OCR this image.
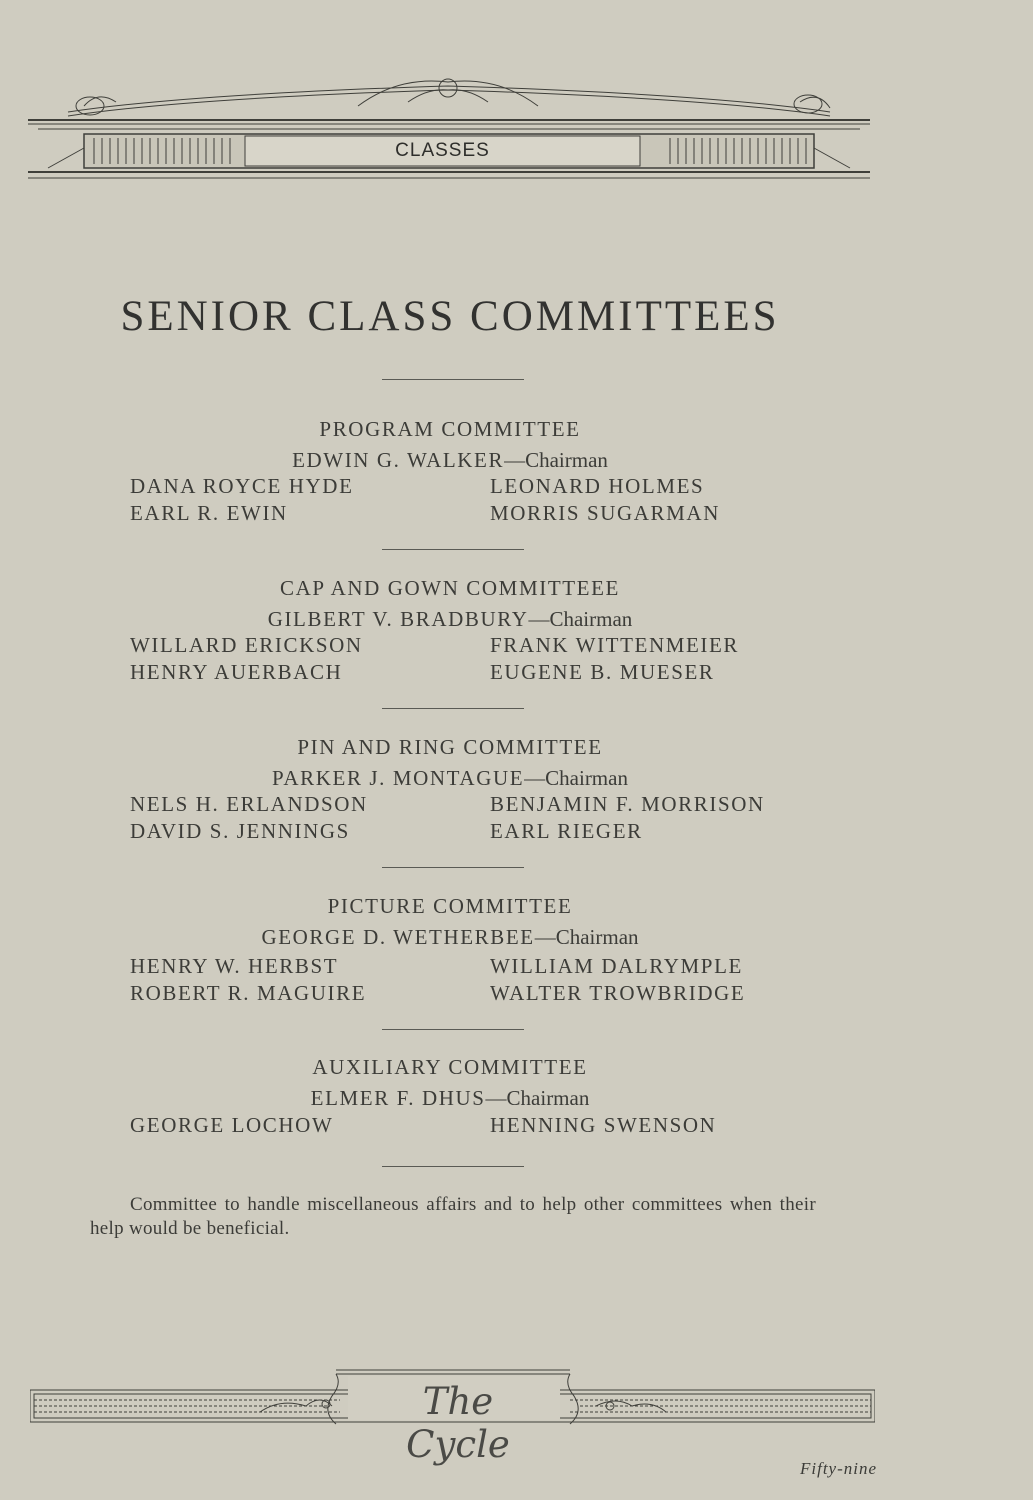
CLASSES
SENIOR CLASS COMMITTEES
PROGRAM COMMITTEE
EDWIN G. WALKER—Chairman
DANA ROYCE HYDE	LEONARD HOLMES
EARL R. EWIN	MORRIS SUGARMAN
CAP AND GOWN COMMITTEEE
GILBERT V. BRADBURY—Chairman
WILLARD ERICKSON	FRANK WITTENMEIER
HENRY AUERBACH	EUGENE B. MUESER
PIN AND RING COMMITTEE
PARKER J. MONTAGUE—Chairman
NELS H. ERLANDSON	BENJAMIN F. MORRISON
DAVID S. JENNINGS	EARL RIEGER
PICTURE COMMITTEE
GEORGE D. WETHERBEE—Chairman
HENRY W. HERBST	WILLIAM DALRYMPLE
ROBERT R. MAGUIRE	WALTER TROWBRIDGE
AUXILIARY COMMITTEE
ELMER F. DHUS—Chairman
GEORGE LOCHOW	HENNING SWENSON

Committee to handle miscellaneous affairs and to help other committees when their help would be beneficial.

The Cycle
Fifty-nine
